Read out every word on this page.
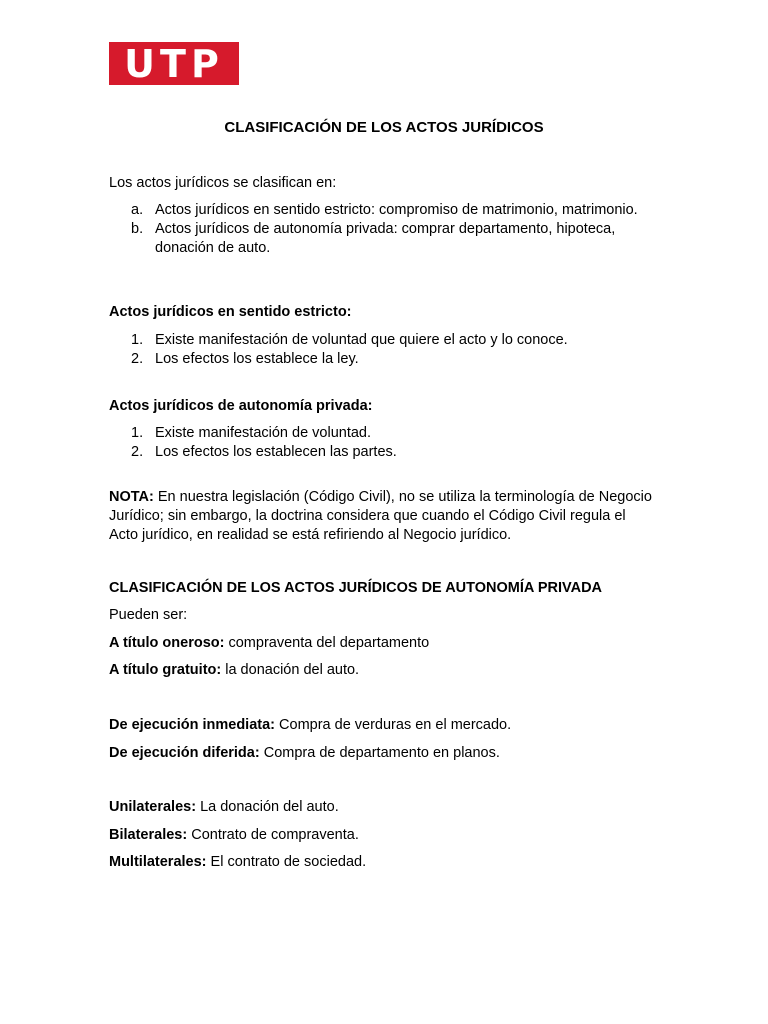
UTP
CLASIFICACIÓN DE LOS ACTOS JURÍDICOS
Los actos jurídicos se clasifican en:
a. Actos jurídicos en sentido estricto: compromiso de matrimonio, matrimonio.
b. Actos jurídicos de autonomía privada: comprar departamento, hipoteca, donación de auto.
Actos jurídicos en sentido estricto:
1. Existe manifestación de voluntad que quiere el acto y lo conoce.
2. Los efectos los establece la ley.
Actos jurídicos de autonomía privada:
1. Existe manifestación de voluntad.
2. Los efectos los establecen las partes.
NOTA: En nuestra legislación (Código Civil), no se utiliza la terminología de Negocio Jurídico; sin embargo, la doctrina considera que cuando el Código Civil regula el Acto jurídico, en realidad se está refiriendo al Negocio jurídico.
CLASIFICACIÓN DE LOS ACTOS JURÍDICOS DE AUTONOMÍA PRIVADA
Pueden ser:
A título oneroso: compraventa del departamento
A título gratuito: la donación del auto.
De ejecución inmediata: Compra de verduras en el mercado.
De ejecución diferida: Compra de departamento en planos.
Unilaterales: La donación del auto.
Bilaterales: Contrato de compraventa.
Multilaterales: El contrato de sociedad.
